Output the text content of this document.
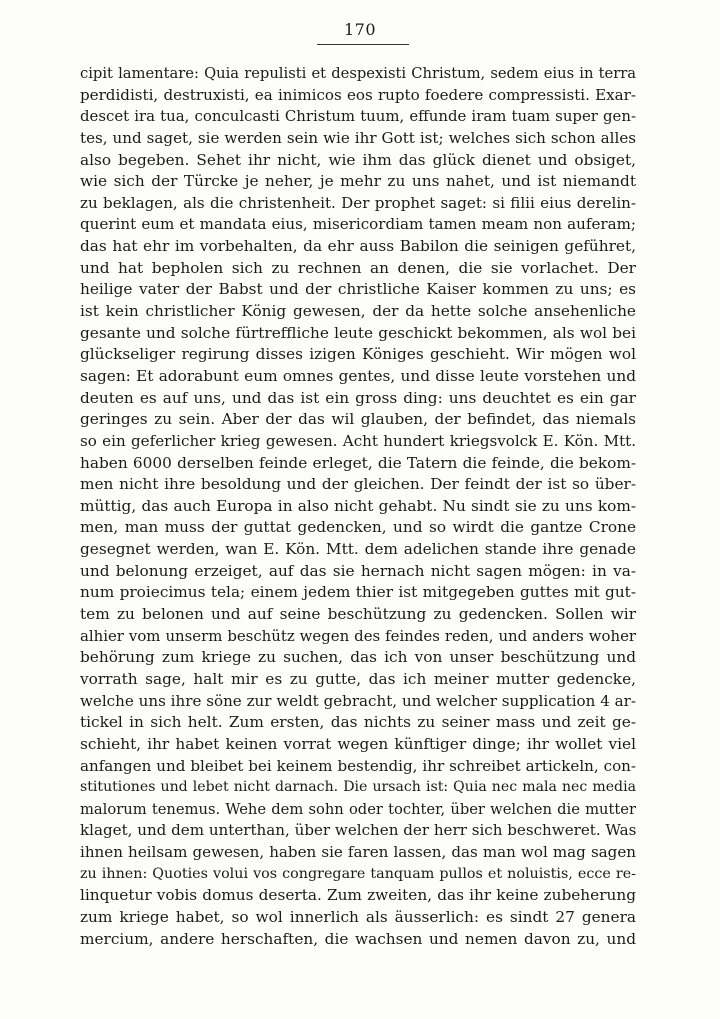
170
cipit lamentare: Quia repulisti et despexisti Christum, sedem eius in terra
perdidisti, destruxisti, ea inimicos eos rupto foedere compressisti. Exar-
descet ira tua, conculcasti Christum tuum, effunde iram tuam super gen-
tes, und saget, sie werden sein wie ihr Gott ist; welches sich schon alles
also begeben. Sehet ihr nicht, wie ihm das glück dienet und obsiget,
wie sich der Türcke je neher, je mehr zu uns nahet, und ist niemandt
zu beklagen, als die christenheit. Der prophet saget: si filii eius derelin-
querint eum et mandata eius, misericordiam tamen meam non auferam;
das hat ehr im vorbehalten, da ehr auss Babilon die seinigen geführet,
und hat bepholen sich zu rechnen an denen, die sie vorlachet. Der
heilige vater der Babst und der christliche Kaiser kommen zu uns; es
ist kein christlicher König gewesen, der da hette solche ansehenliche
gesante und solche fürtreffliche leute geschickt bekommen, als wol bei
glückseliger regirung disses izigen Königes geschieht. Wir mögen wol
sagen: Et adorabunt eum omnes gentes, und disse leute vorstehen und
deuten es auf uns, und das ist ein gross ding: uns deuchtet es ein gar
geringes zu sein. Aber der das wil glauben, der befindet, das niemals
so ein geferlicher krieg gewesen. Acht hundert kriegsvolck E. Kön. Mtt.
haben 6000 derselben feinde erleget, die Tatern die feinde, die bekom-
men nicht ihre besoldung und der gleichen. Der feindt der ist so über-
müttig, das auch Europa in also nicht gehabt. Nu sindt sie zu uns kom-
men, man muss der guttat gedencken, und so wirdt die gantze Crone
gesegnet werden, wan E. Kön. Mtt. dem adelichen stande ihre genade
und belonung erzeiget, auf das sie hernach nicht sagen mögen: in va-
num proiecimus tela; einem jedem thier ist mitgegeben guttes mit gut-
tem zu belonen und auf seine beschützung zu gedencken. Sollen wir
alhier vom unserm beschütz wegen des feindes reden, und anders woher
behörung zum kriege zu suchen, das ich von unser beschützung und
vorrath sage, halt mir es zu gutte, das ich meiner mutter gedencke,
welche uns ihre söne zur weldt gebracht, und welcher supplication 4 ar-
tickel in sich helt. Zum ersten, das nichts zu seiner mass und zeit ge-
schieht, ihr habet keinen vorrat wegen künftiger dinge; ihr wollet viel
anfangen und bleibet bei keinem bestendig, ihr schreibet artickeln, con-
stitutiones und lebet nicht darnach. Die ursach ist: Quia nec mala nec media
malorum tenemus. Wehe dem sohn oder tochter, über welchen die mutter
klaget, und dem unterthan, über welchen der herr sich beschweret. Was
ihnen heilsam gewesen, haben sie faren lassen, das man wol mag sagen
zu ihnen: Quoties volui vos congregare tanquam pullos et noluistis, ecce re-
linquetur vobis domus deserta. Zum zweiten, das ihr keine zubeherung
zum kriege habet, so wol innerlich als äusserlich: es sindt 27 genera
mercium, andere herschaften, die wachsen und nemen davon zu, und
